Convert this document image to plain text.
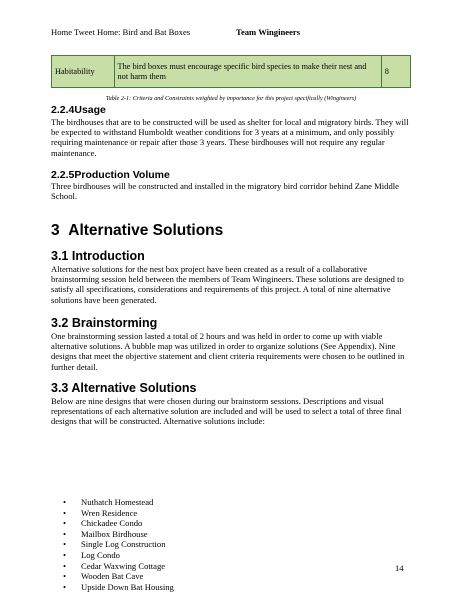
Home Tweet Home: Bird and Bat Boxes	Team Wingineers
Habitability	The bird boxes must encourage specific bird species to make their nest and not harm them	8
Table 2-1: Criteria and Constraints weighted by importance for this project specifically (Wingineers)
2.2.4Usage

The birdhouses that are to be constructed will be used as shelter for local and migratory birds. They will be expected to withstand Humboldt weather conditions for 3 years at a minimum, and only possibly requiring maintenance or repair after those 3 years. These birdhouses will not require any regular maintenance.

2.2.5Production Volume

Three birdhouses will be constructed and installed in the migratory bird corridor behind Zane Middle School.

3 Alternative Solutions
3.1 Introduction

Alternative solutions for the nest box project have been created as a result of a collaborative brainstorming session held between the members of Team Wingineers. These solutions are designed to satisfy all specifications, considerations and requirements of this project. A total of nine alternative solutions have been generated.

3.2 Brainstorming

One brainstorming session lasted a total of 2 hours and was held in order to come up with viable alternative solutions. A bubble map was utilized in order to organize solutions (See Appendix). Nine designs that meet the objective statement and client criteria requirements were chosen to be outlined in further detail.

3.3 Alternative Solutions

Below are nine designs that were chosen during our brainstorm sessions. Descriptions and visual representations of each alternative solution are included and will be used to select a total of three final designs that will be constructed. Alternative solutions include:

• Nuthatch Homestead
• Wren Residence
• Chickadee Condo
• Mailbox Birdhouse
• Single Log Construction
• Log Condo
• Cedar Waxwing Cottage
• Wooden Bat Cave
• Upside Down Bat Housing
14
